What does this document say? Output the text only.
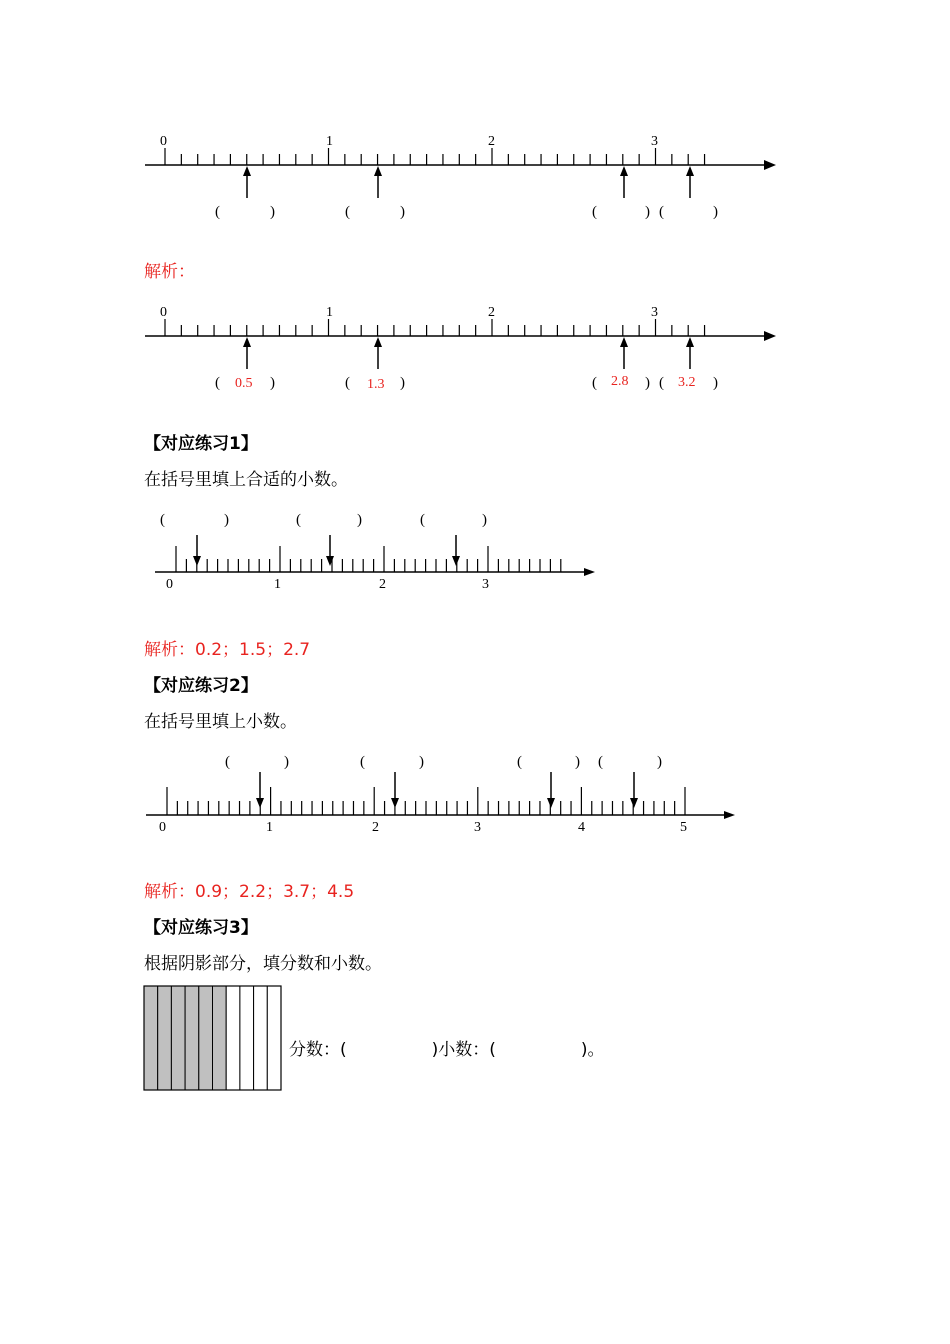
0	1	2	3
(	)	(	)	(	) (	)
解析：
0	1	2	3
( 0.5 )	( 1.3 )	( 2.8 ) ( 3.2 )
【对应练习1】
在括号里填上合适的小数。
0	1	2	3
(	)	(	)	(	)
解析：0.2；1.5；2.7
【对应练习2】
在括号里填上小数。
0	1	2	3	4	5
(	)	(	)	(	) (	)
解析：0.9；2.2；3.7；4.5
【对应练习3】
根据阴影部分，填分数和小数。
分数：(　　　　　)小数：(　　　　　)。
